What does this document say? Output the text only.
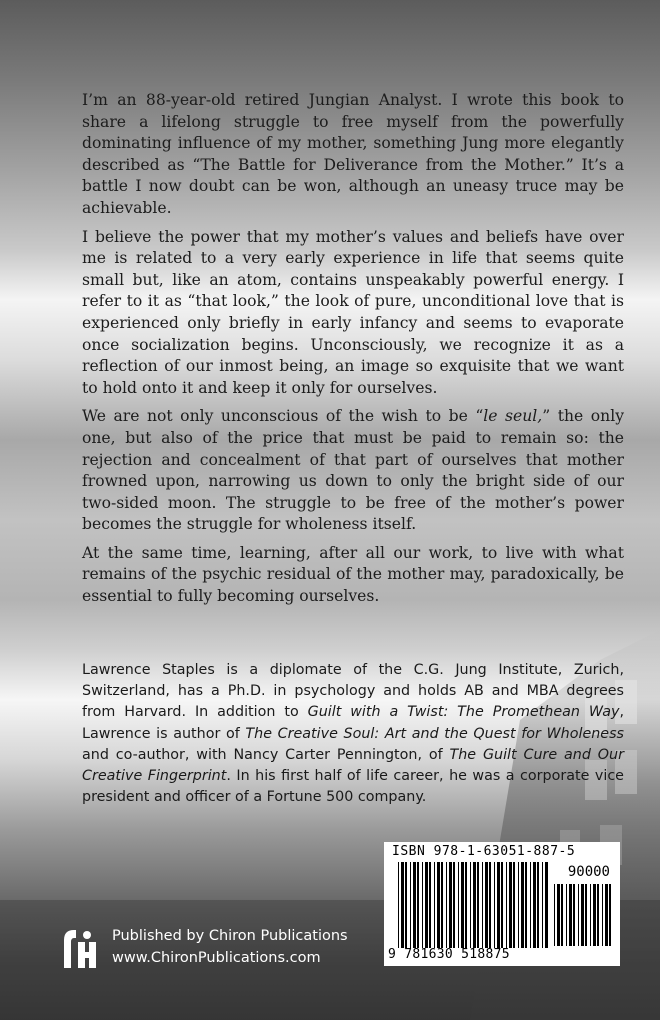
I’m an 88-year-old retired Jungian Analyst. I wrote this book to share a lifelong struggle to free myself from the powerfully dominating influence of my mother, something Jung more elegantly described as “The Battle for Deliverance from the Mother.” It’s a battle I now doubt can be won, although an uneasy truce may be achievable.

I believe the power that my mother’s values and beliefs have over me is related to a very early experience in life that seems quite small but, like an atom, contains unspeakably powerful energy. I refer to it as “that look,” the look of pure, unconditional love that is experienced only briefly in early infancy and seems to evaporate once socialization begins. Unconsciously, we recognize it as a reflection of our inmost being, an image so exquisite that we want to hold onto it and keep it only for ourselves.

We are not only unconscious of the wish to be “le seul,” the only one, but also of the price that must be paid to remain so: the rejection and concealment of that part of ourselves that mother frowned upon, narrowing us down to only the bright side of our two-sided moon. The struggle to be free of the mother’s power becomes the struggle for wholeness itself.

At the same time, learning, after all our work, to live with what remains of the psychic residual of the mother may, paradoxically, be essential to fully becoming ourselves.

Lawrence Staples is a diplomate of the C.G. Jung Institute, Zurich, Switzerland, has a Ph.D. in psychology and holds AB and MBA degrees from Harvard. In addition to Guilt with a Twist: The Promethean Way, Lawrence is author of The Creative Soul: Art and the Quest for Wholeness and co-author, with Nancy Carter Pennington, of The Guilt Cure and Our Creative Fingerprint. In his first half of life career, he was a corporate vice president and officer of a Fortune 500 company.

ISBN 978-1-63051-887-5
90000
9 781630 518875
Published by Chiron Publications
www.ChironPublications.com
